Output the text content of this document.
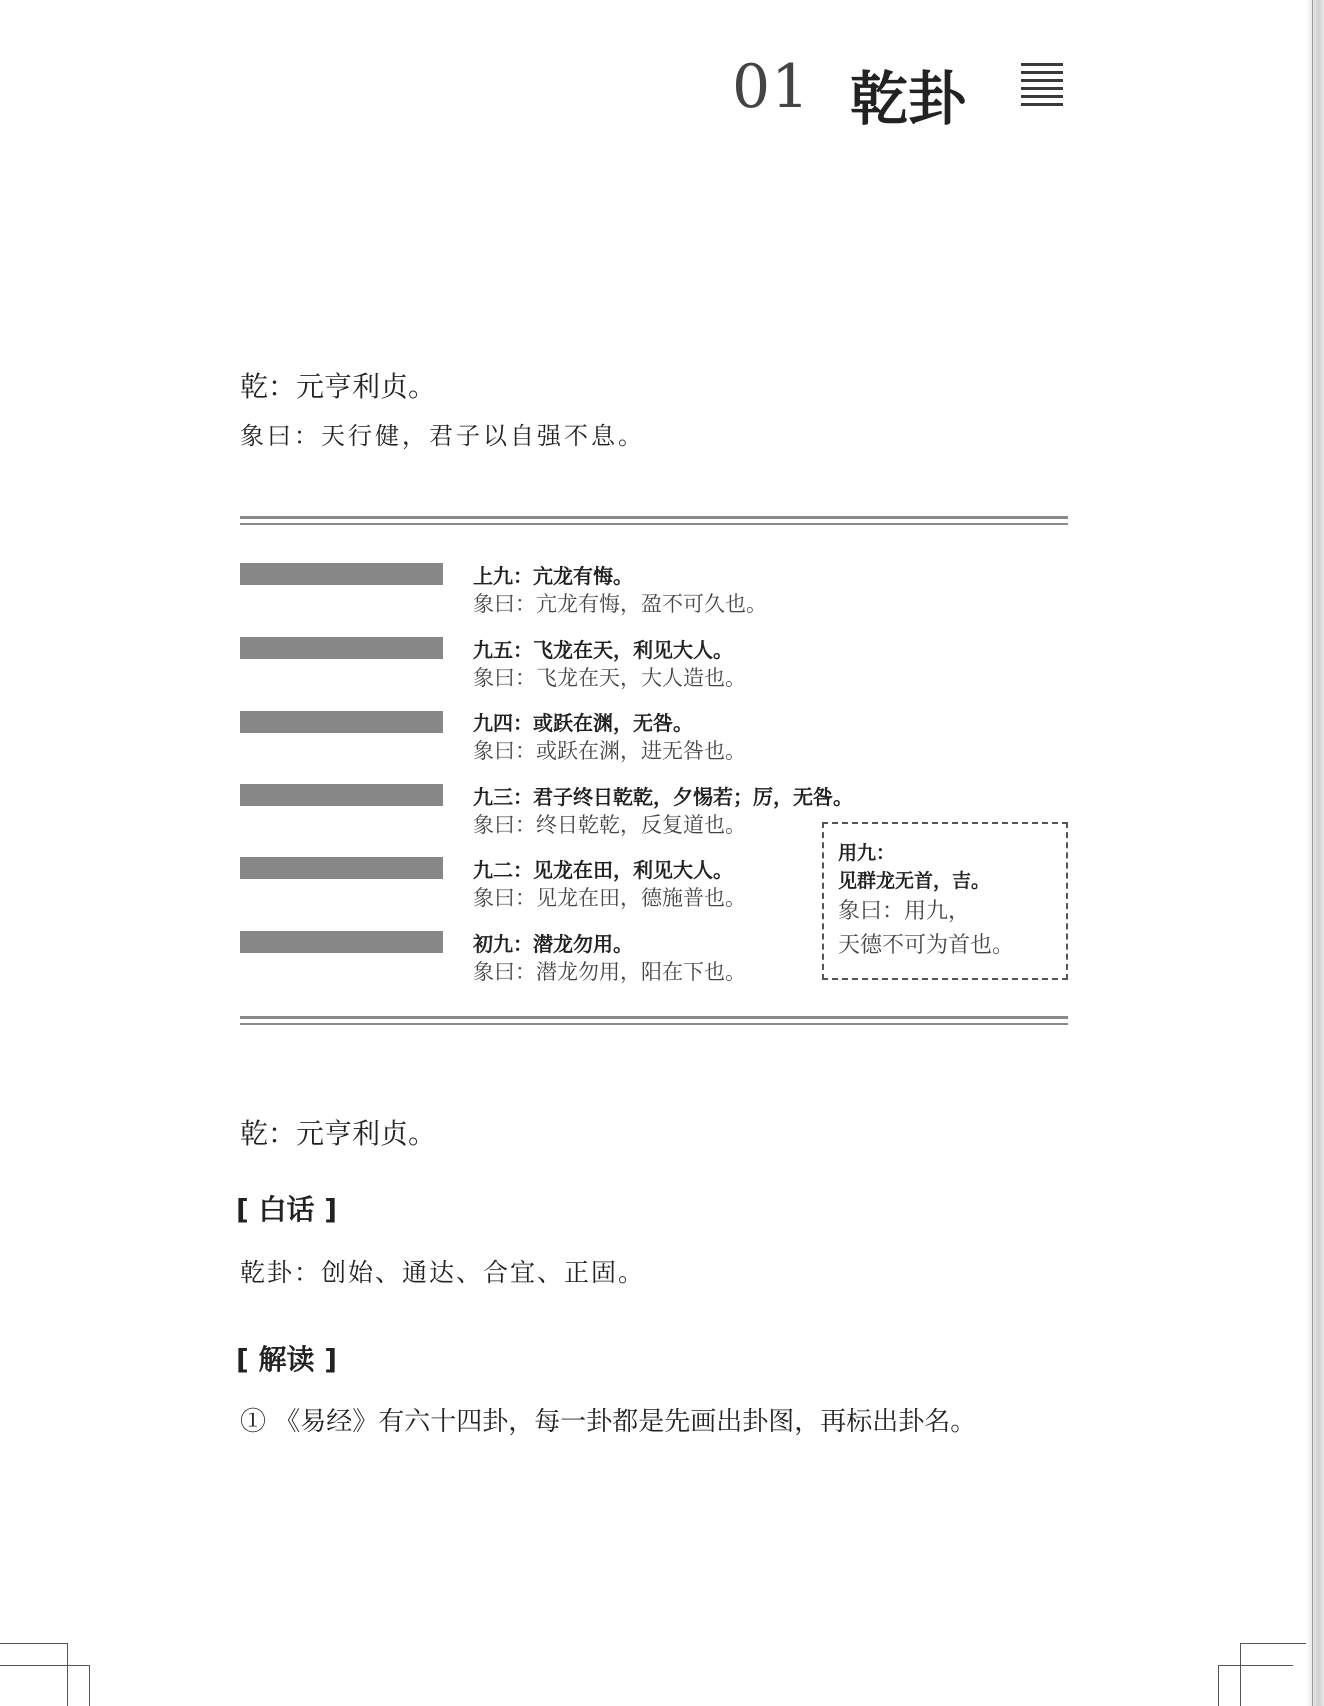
01 乾卦
乾：元亨利贞。
象曰：天行健，君子以自强不息。
上九：亢龙有悔。
象曰：亢龙有悔，盈不可久也。
九五：飞龙在天，利见大人。
象曰：飞龙在天，大人造也。
九四：或跃在渊，无咎。
象曰：或跃在渊，进无咎也。
九三：君子终日乾乾，夕惕若；厉，无咎。
象曰：终日乾乾，反复道也。
九二：见龙在田，利见大人。
象曰：见龙在田，德施普也。
初九：潜龙勿用。
象曰：潜龙勿用，阳在下也。
用九：
见群龙无首，吉。
象曰：用九，
天德不可为首也。
乾：元亨利贞。
[ 白话 ]
乾卦：创始、通达、合宜、正固。
[ 解读 ]
① 《易经》有六十四卦，每一卦都是先画出卦图，再标出卦名。
